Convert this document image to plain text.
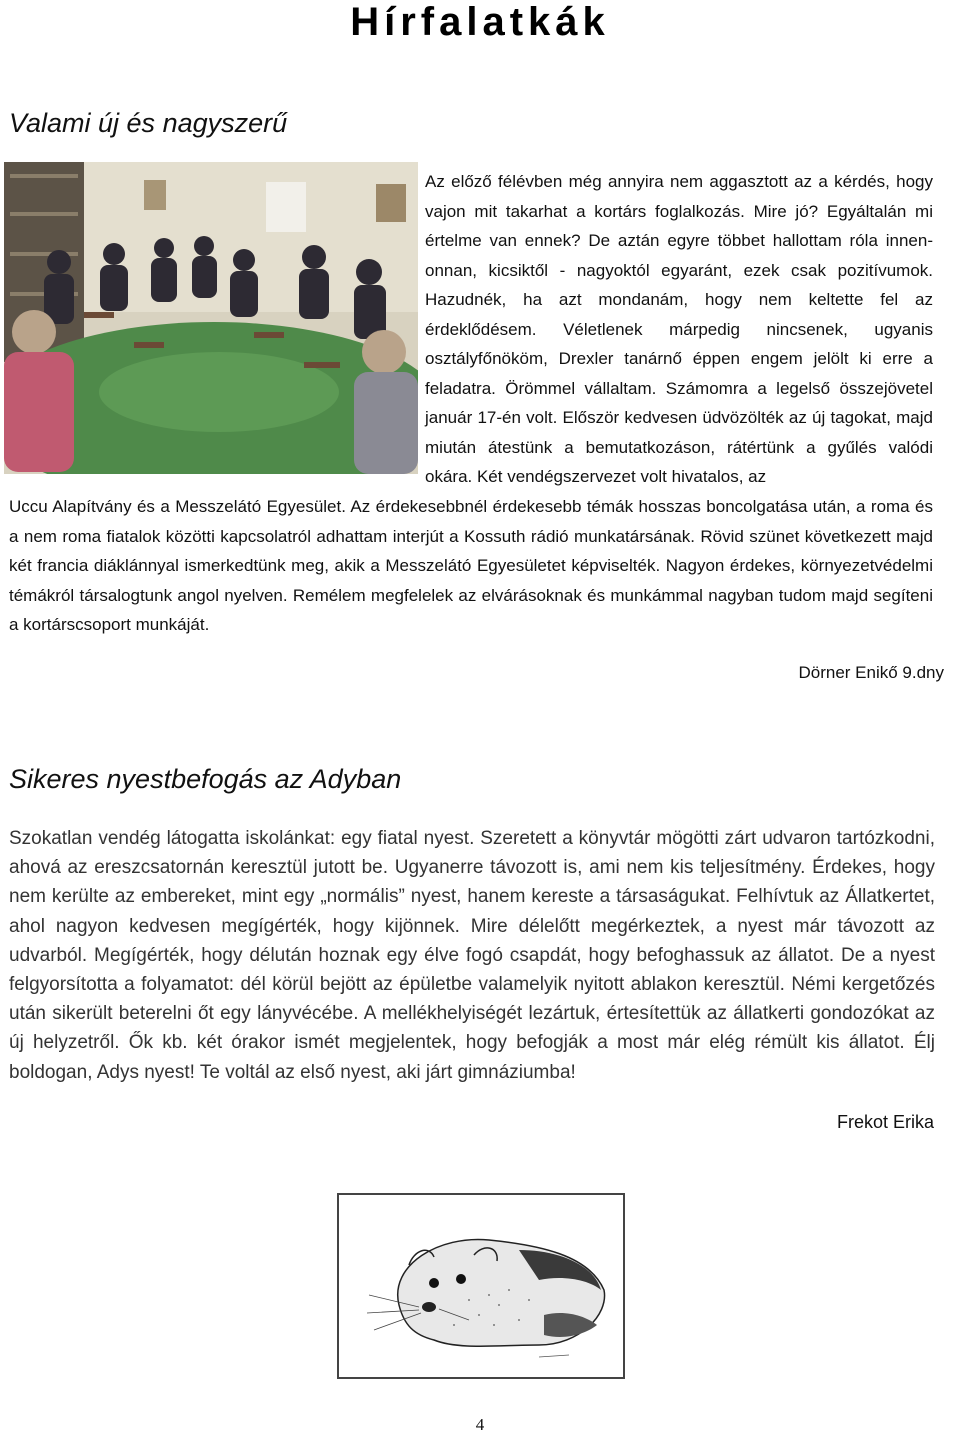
Hírfalatkák
Valami új és nagyszerű

Az előző félévben még annyira nem aggasztott az a kérdés, hogy vajon mit takarhat a kortárs foglalkozás. Mire jó? Egyáltalán mi értelme van ennek? De aztán egyre többet hallottam róla innen-onnan, kicsiktől - nagyoktól egyaránt, ezek csak pozitívumok. Hazudnék, ha azt mondanám, hogy nem keltette fel az érdeklődésem. Véletlenek márpedig nincsenek, ugyanis osztályfőnököm, Drexler tanárnő éppen engem jelölt ki erre a feladatra. Örömmel vállaltam. Számomra a legelső összejövetel január 17-én volt. Először kedvesen üdvözölték az új tagokat, majd miután átestünk a bemutatkozáson, rátértünk a gyűlés valódi okára. Két vendégszervezet volt hivatalos, az

Uccu Alapítvány és a Messzelátó Egyesület. Az érdekesebbnél érdekesebb témák hosszas boncolgatása után, a roma és a nem roma fiatalok közötti kapcsolatról adhattam interjút a Kossuth rádió munkatársának. Rövid szünet következett majd két francia diáklánnyal ismerkedtünk meg, akik a Messzelátó Egyesületet képviselték. Nagyon érdekes, környezetvédelmi témákról társalogtunk angol nyelven. Remélem megfelelek az elvárásoknak és munkámmal nagyban tudom majd segíteni a kortárscsoport munkáját.

Dörner Enikő 9.dny
Sikeres nyestbefogás az Adyban

Szokatlan vendég látogatta iskolánkat: egy fiatal nyest. Szeretett a könyvtár mögötti zárt udvaron tartózkodni, ahová az ereszcsatornán keresztül jutott be. Ugyanerre távozott is, ami nem kis teljesítmény. Érdekes, hogy nem kerülte az embereket, mint egy „normális” nyest, hanem kereste a társaságukat. Felhívtuk az Állatkertet, ahol nagyon kedvesen megígérték, hogy kijönnek. Mire délelőtt megérkeztek, a nyest már távozott az udvarból. Megígérték, hogy délután hoznak egy élve fogó csapdát, hogy befoghassuk az állatot. De a nyest felgyorsította a folyamatot: dél körül bejött az épületbe valamelyik nyitott ablakon keresztül. Némi kergetőzés után sikerült beterelni őt egy lányvécébe. A mellékhelyiségét lezártuk, értesítettük az állatkerti gondozókat az új helyzetről. Ők kb. két órakor ismét megjelentek, hogy befogják a most már elég rémült kis állatot. Élj boldogan, Adys nyest! Te voltál az első nyest, aki járt gimnáziumba!

Frekot Erika
4
